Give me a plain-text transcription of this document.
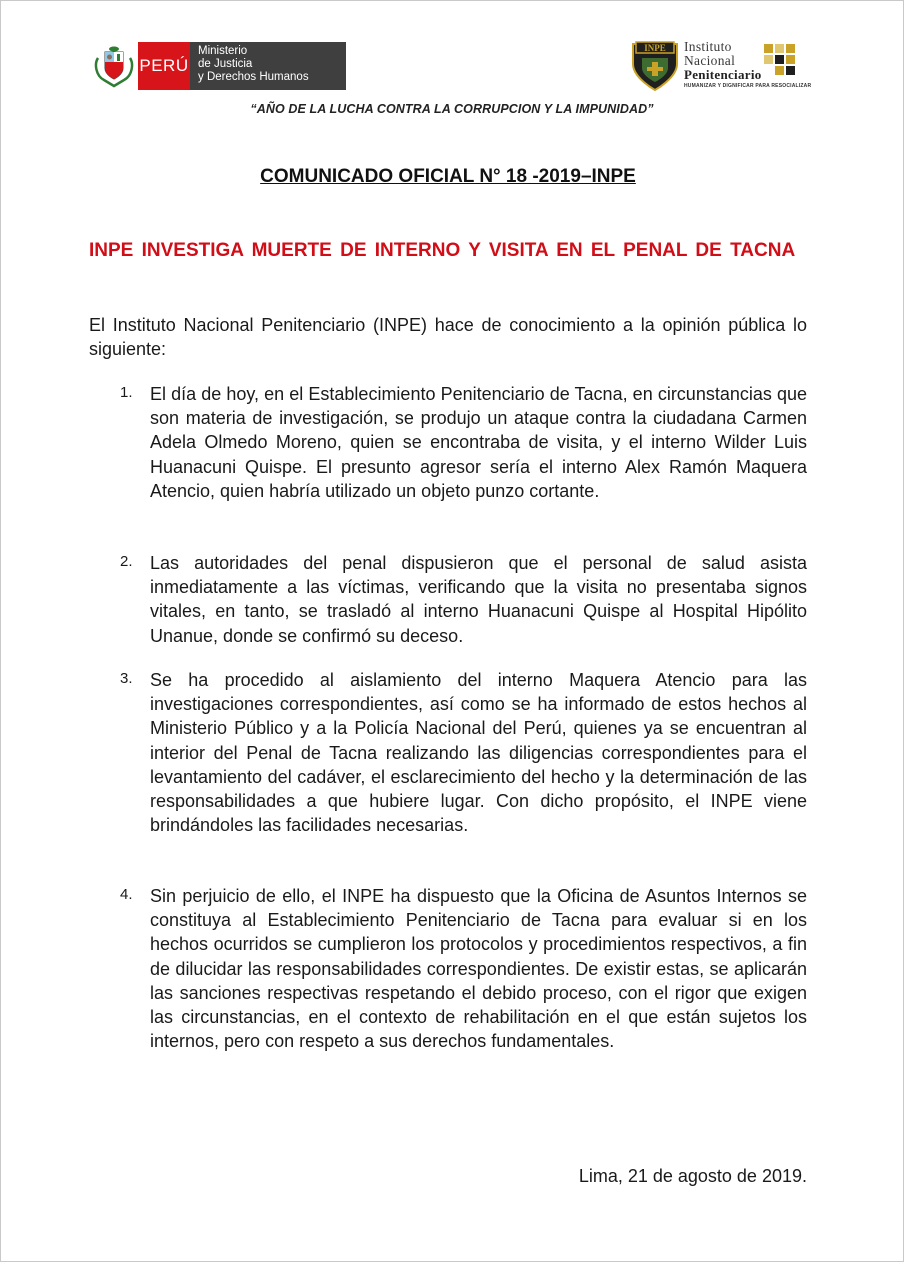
PERÚ
Ministerio
de Justicia
y Derechos Humanos
INPE Instituto
Nacional
Penitenciario
HUMANIZAR Y DIGNIFICAR PARA RESOCIALIZAR
“AÑO DE LA LUCHA CONTRA LA CORRUPCION Y LA IMPUNIDAD”
COMUNICADO OFICIAL N° 18 -2019–INPE
INPE INVESTIGA MUERTE DE INTERNO Y VISITA EN EL PENAL DE TACNA
El Instituto Nacional Penitenciario (INPE) hace de conocimiento a la opinión pública lo siguiente:
1. El día de hoy, en el Establecimiento Penitenciario de Tacna, en circunstancias que son materia de investigación, se produjo un ataque contra la ciudadana Carmen Adela Olmedo Moreno, quien se encontraba de visita, y el interno Wilder Luis Huanacuni Quispe. El presunto agresor sería el interno Alex Ramón Maquera Atencio, quien habría utilizado un objeto punzo cortante.
2. Las autoridades del penal dispusieron que el personal de salud asista inmediatamente a las víctimas, verificando que la visita no presentaba signos vitales, en tanto, se trasladó al interno Huanacuni Quispe al Hospital Hipólito Unanue, donde se confirmó su deceso.
3. Se ha procedido al aislamiento del interno Maquera Atencio para las investigaciones correspondientes, así como se ha informado de estos hechos al Ministerio Público y a la Policía Nacional del Perú, quienes ya se encuentran al interior del Penal de Tacna realizando las diligencias correspondientes para el levantamiento del cadáver, el esclarecimiento del hecho y la determinación de las responsabilidades a que hubiere lugar. Con dicho propósito, el INPE viene brindándoles las facilidades necesarias.
4. Sin perjuicio de ello, el INPE ha dispuesto que la Oficina de Asuntos Internos se constituya al Establecimiento Penitenciario de Tacna para evaluar si en los hechos ocurridos se cumplieron los protocolos y procedimientos respectivos, a fin de dilucidar las responsabilidades correspondientes. De existir estas, se aplicarán las sanciones respectivas respetando el debido proceso, con el rigor que exigen las circunstancias, en el contexto de rehabilitación en el que están sujetos los internos, pero con respeto a sus derechos fundamentales.
Lima, 21 de agosto de 2019.
